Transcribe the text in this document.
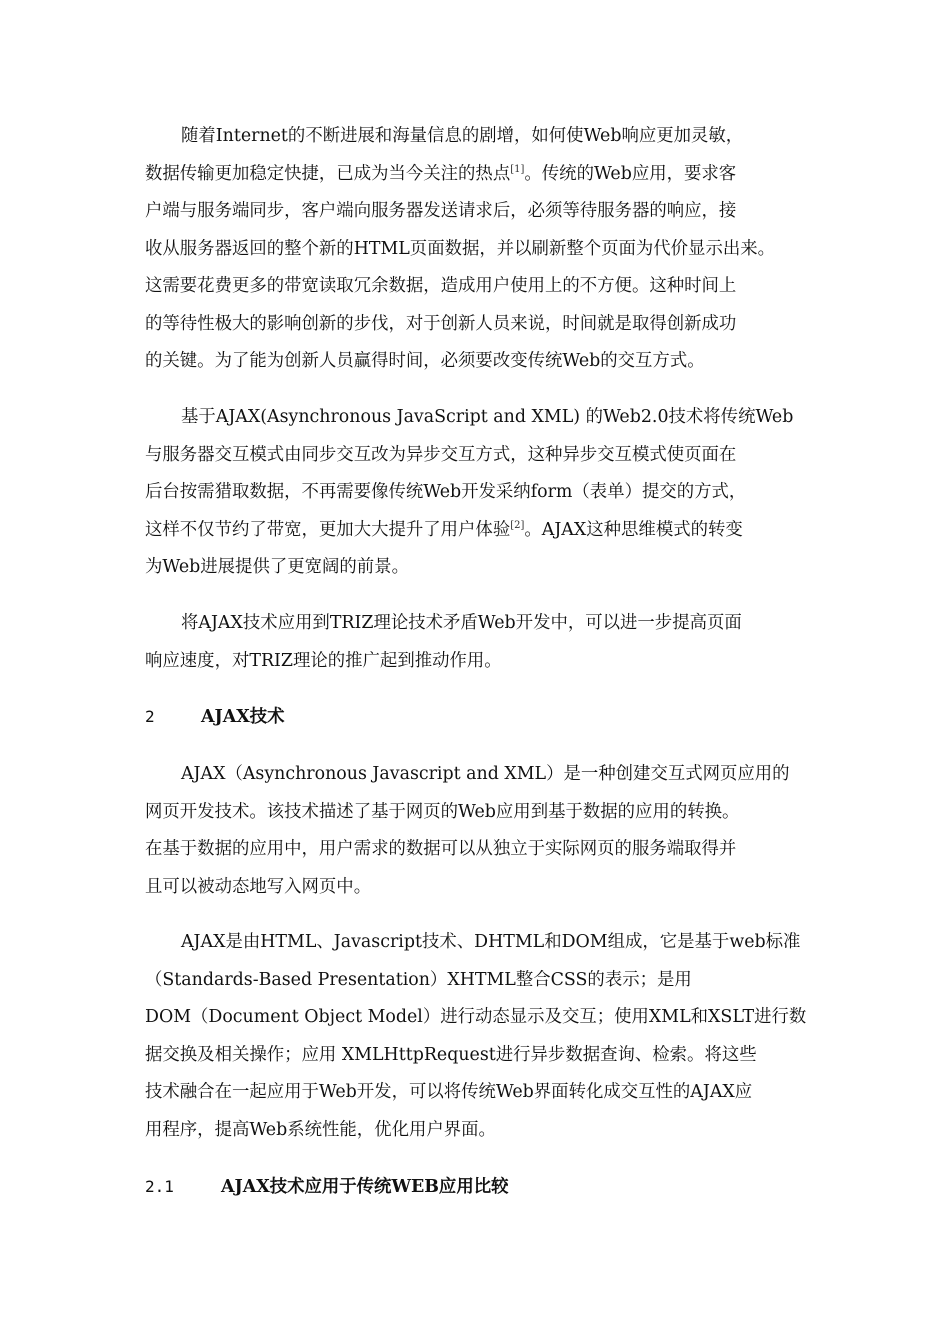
随着Internet的不断进展和海量信息的剧增，如何使Web响应更加灵敏，
数据传输更加稳定快捷，已成为当今关注的热点[1]。传统的Web应用，要求客
户端与服务端同步，客户端向服务器发送请求后，必须等待服务器的响应，接
收从服务器返回的整个新的HTML页面数据，并以刷新整个页面为代价显示出来。
这需要花费更多的带宽读取冗余数据，造成用户使用上的不方便。这种时间上
的等待性极大的影响创新的步伐，对于创新人员来说，时间就是取得创新成功
的关键。为了能为创新人员赢得时间，必须要改变传统Web的交互方式。
基于AJAX(Asynchronous JavaScript and XML) 的Web2.0技术将传统Web
与服务器交互模式由同步交互改为异步交互方式，这种异步交互模式使页面在
后台按需猎取数据，不再需要像传统Web开发采纳form（表单）提交的方式，
这样不仅节约了带宽，更加大大提升了用户体验[2]。AJAX这种思维模式的转变
为Web进展提供了更宽阔的前景。
将AJAX技术应用到TRIZ理论技术矛盾Web开发中，可以进一步提高页面
响应速度，对TRIZ理论的推广起到推动作用。
2	AJAX技术
AJAX（Asynchronous Javascript and XML）是一种创建交互式网页应用的
网页开发技术。该技术描述了基于网页的Web应用到基于数据的应用的转换。
在基于数据的应用中，用户需求的数据可以从独立于实际网页的服务端取得并
且可以被动态地写入网页中。
AJAX是由HTML、Javascript技术、DHTML和DOM组成，它是基于web标准
（Standards-Based Presentation）XHTML整合CSS的表示；是用
DOM（Document Object Model）进行动态显示及交互；使用XML和XSLT进行数
据交换及相关操作；应用 XMLHttpRequest进行异步数据查询、检索。将这些
技术融合在一起应用于Web开发，可以将传统Web界面转化成交互性的AJAX应
用程序，提高Web系统性能，优化用户界面。
2.1	AJAX技术应用于传统WEB应用比较
